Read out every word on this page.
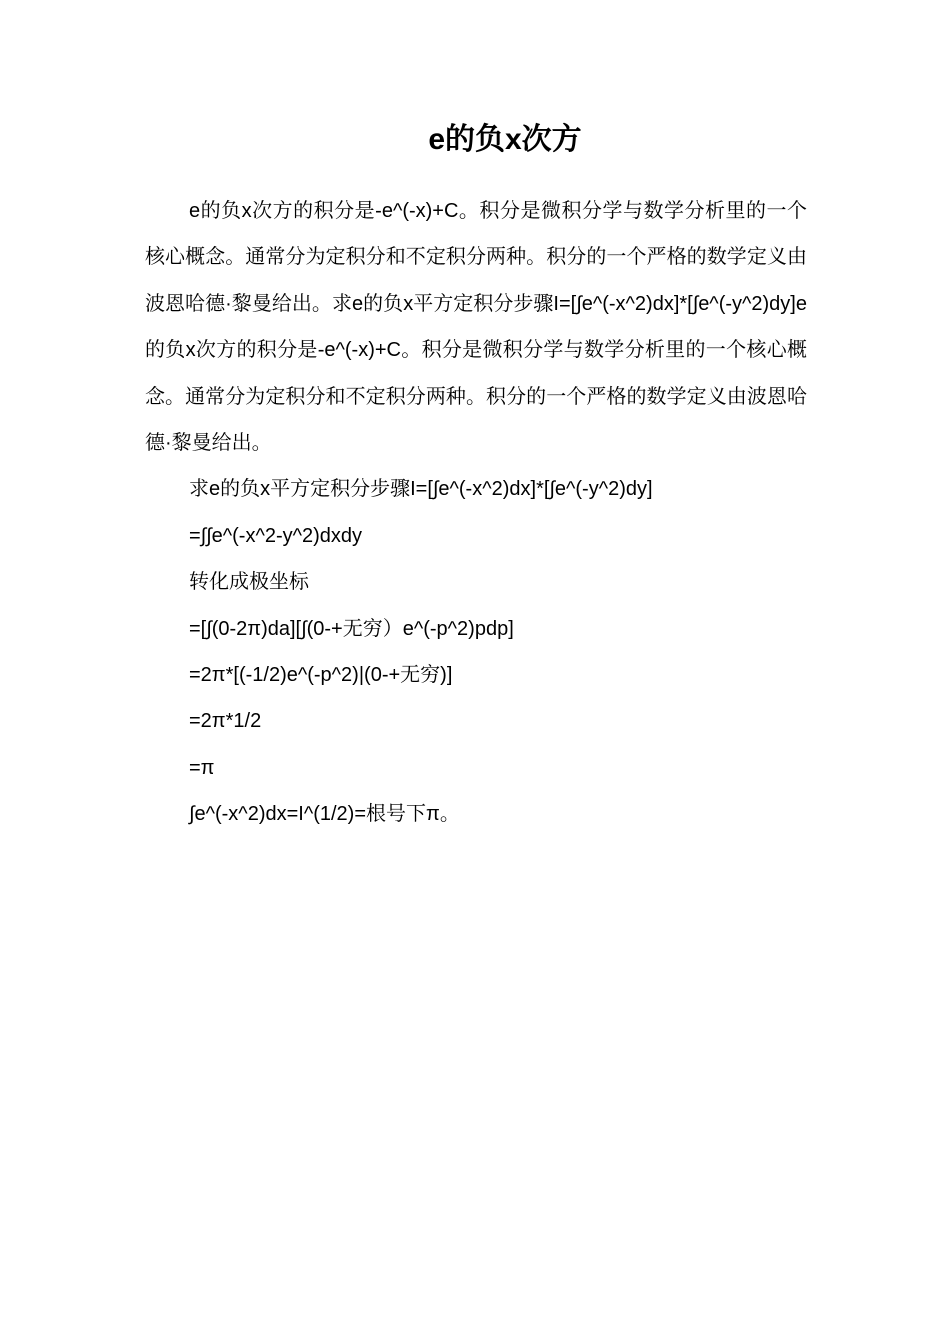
e的负x次方

e的负x次方的积分是-e^(-x)+C。积分是微积分学与数学分析里的一个核心概念。通常分为定积分和不定积分两种。积分的一个严格的数学定义由波恩哈德·黎曼给出。求e的负x平方定积分步骤I=[∫e^(-x^2)dx]*[∫e^(-y^2)dy]e的负x次方的积分是-e^(-x)+C。积分是微积分学与数学分析里的一个核心概念。通常分为定积分和不定积分两种。积分的一个严格的数学定义由波恩哈德·黎曼给出。

求e的负x平方定积分步骤I=[∫e^(-x^2)dx]*[∫e^(-y^2)dy]

=∫∫e^(-x^2-y^2)dxdy

转化成极坐标

=[∫(0-2π)da][∫(0-+无穷）e^(-p^2)pdp]

=2π*[(-1/2)e^(-p^2)|(0-+无穷)]

=2π*1/2

=π

∫e^(-x^2)dx=I^(1/2)=根号下π。
